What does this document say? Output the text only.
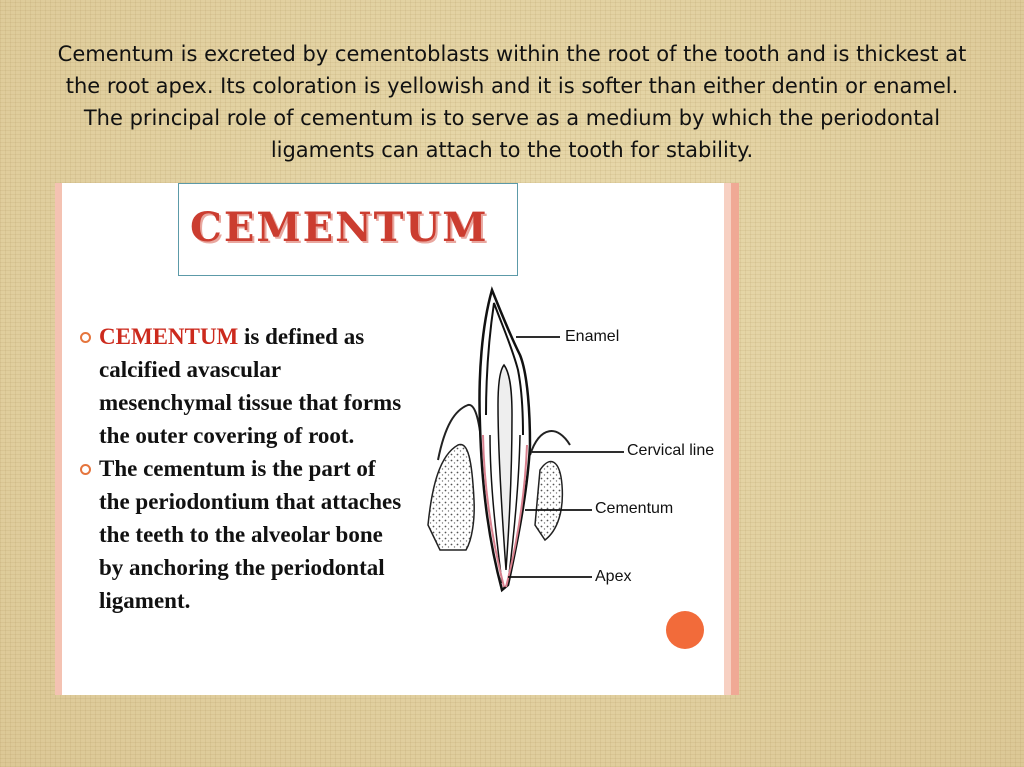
Cementum is excreted by cementoblasts within the root of the tooth and is thickest at
the root apex. Its coloration is yellowish and it is softer than either dentin or enamel.
The principal role of cementum is to serve as a medium by which the periodontal
ligaments can attach to the tooth for stability.
CEMENTUM
CEMENTUM is defined as
calcified avascular
mesenchymal tissue that forms
the outer covering of root.
The cementum is the part of
the periodontium that attaches
the teeth to the alveolar bone
by anchoring the periodontal
ligament.
Enamel
Cervical line
Cementum
Apex
